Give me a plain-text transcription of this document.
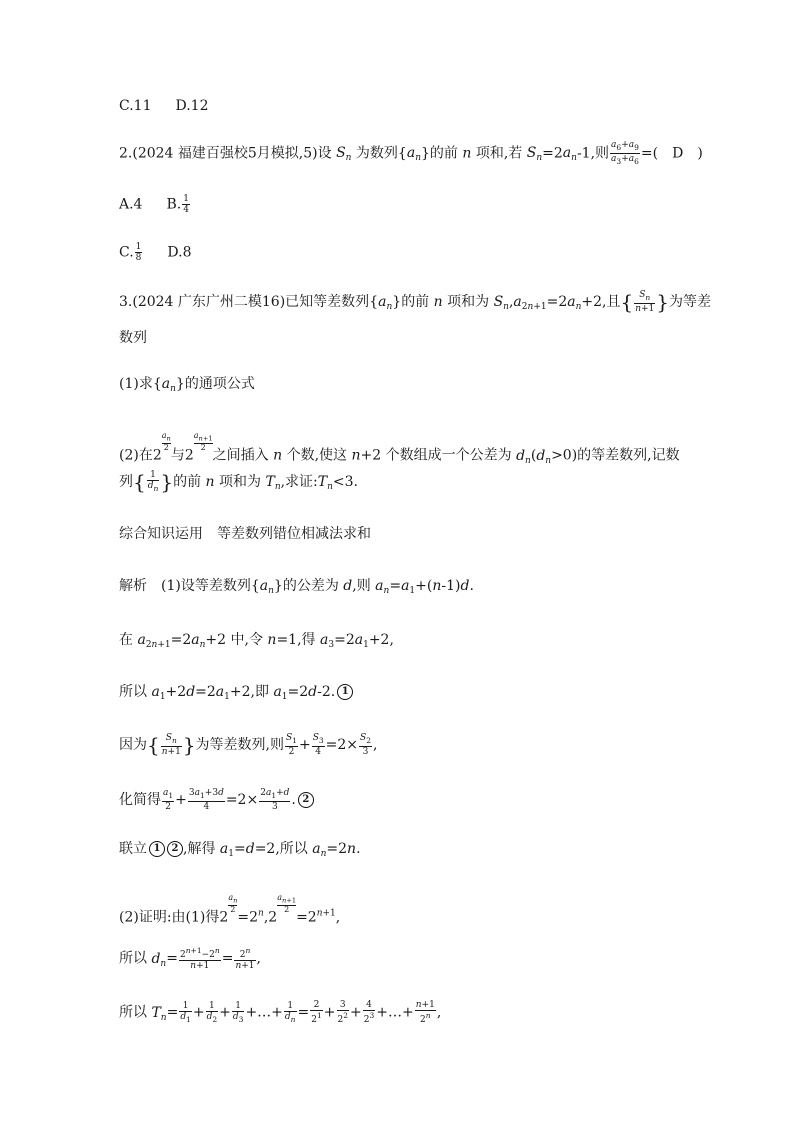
C.11 D.12
2.(2024 福建百强校5月模拟,5)设 $S_n$ 为数列$\{a_n\}$的前 n 项和,若 $S_n=2a_n-1$,则 $\frac{a_6+a_9}{a_3+a_6}$ =(　D　)
A.4 B. $\frac{1}{4}$
C. $\frac{1}{8} D.8$
3.(2024 广东广州二模16)已知等差数列$\{a_n\}$的前 n 项和为 $S_n,a_{2n+1}=2a_n+2$,且{ $\frac{S_n}{n+1}$ }为等差
数列
(1)求$\{a_n\}$的通项公式
(2)在2
$\frac{a_n}{2}$
与2
$\frac{a_{n+1}}{2}$
之间插入 n 个数,使这 n+2 个数组成一个公差为 $d_n(d_n>0)$的等差数列,记数
列{ $\frac{1}{d_n}$ }的前 n 项和为 $T_n$,求证$:T_n<3$.
综合知识运用 等差数列错位相减法求和
解析 (1)设等差数列$\{a_n\}$的公差为 d,则 $a_n=a_1+(n-1)d$.
在 $a_{2n+1}=2a_n+2$ 中,令 n=1,得 $a_3=2a_1+2$,
所以 $a_1+2d=2a_1+2$,即 $a_1=2d-2$. 1
因为{ $\frac{S_n}{n+1}$ }为等差数列,则 $\frac{S_1}{2} + \frac{S_3}{4} =2\times \frac{S_2}{3}$ ,
化简得 $\frac{a_1}{2} + \frac{3a_1+3d}{4} =2\times \frac{2a_1+d}{3}$ . 2
联立 1 2 ,解得 $a_1=d=2$,所以 $a_n=2n$.
(2)证明:由(1)得2
$\frac{a_n}{2}$
$=2^n,2$
$\frac{a_{n+1}}{2}$
$=2^{n+1}$,
所以 $d_n= \frac{2^{n+1}-2^n}{n+1} = \frac{2^n}{n+1}$ ,
所以 $T_n= \frac{1}{d_1} + \frac{1}{d_2} + \frac{1}{d_3}$ +…+ $\frac{1}{d_n} = \frac{2}{2^1} + \frac{3}{2^2} + \frac{4}{2^3}$ +…+ $\frac{n+1}{2^n}$ ,
